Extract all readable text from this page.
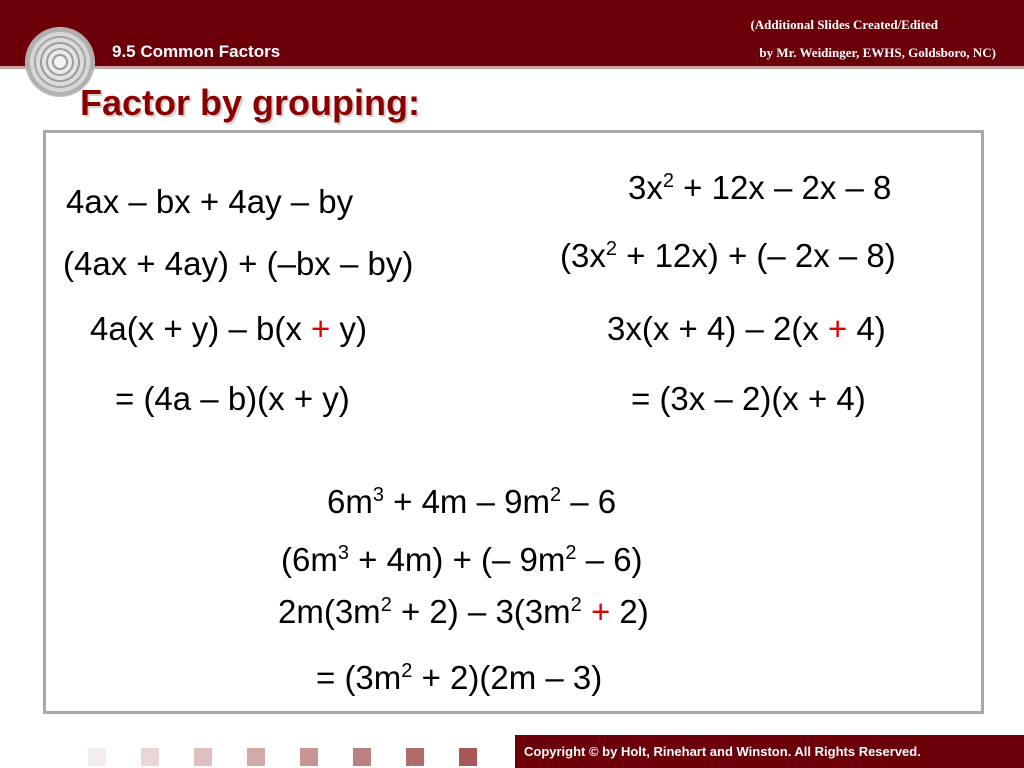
9.5 Common Factors
(Additional Slides Created/Edited
by Mr. Weidinger, EWHS, Goldsboro, NC)
Factor by grouping:
4ax – bx + 4ay – by
(4ax + 4ay) + (–bx – by)
4a(x + y) – b(x + y)
= (4a – b)(x + y)
$3x^2 + 12x - 2x - 8$
$(3x^2 + 12x)$ + (– 2x – 8)
3x(x + 4) – 2(x + 4)
= (3x – 2)(x + 4)
$6m^3 + 4m - 9m^2 - 6$
$(6m^3 + 4m)$ + (– $9m^2 - 6$)
$2m(3m^2 + 2) - 3(3m^2 + 2)$
= $(3m^2 + 2)(2m - 3)$
Copyright © by Holt, Rinehart and Winston. All Rights Reserved.
